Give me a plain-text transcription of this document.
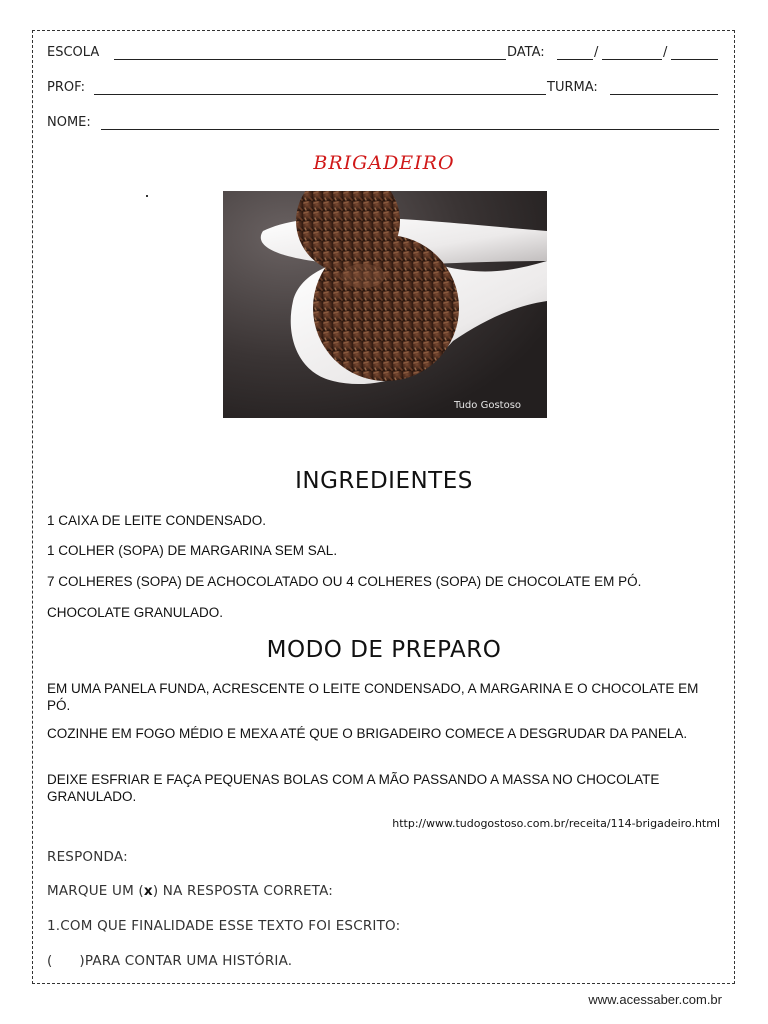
ESCOLA	DATA:	/	/
PROF:	TURMA:
NOME:
BRIGADEIRO
Tudo Gostoso
INGREDIENTES
1 CAIXA DE LEITE CONDENSADO.
1 COLHER (SOPA) DE MARGARINA SEM SAL.
7 COLHERES (SOPA) DE ACHOCOLATADO OU 4 COLHERES (SOPA) DE CHOCOLATE EM PÓ.
CHOCOLATE GRANULADO.
MODO DE PREPARO
EM UMA PANELA FUNDA, ACRESCENTE O LEITE CONDENSADO, A MARGARINA E O CHOCOLATE EM PÓ.
COZINHE EM FOGO MÉDIO E MEXA ATÉ QUE O BRIGADEIRO COMECE A DESGRUDAR DA PANELA.
DEIXE ESFRIAR E FAÇA PEQUENAS BOLAS COM A MÃO PASSANDO A MASSA NO CHOCOLATE GRANULADO.
http://www.tudogostoso.com.br/receita/114-brigadeiro.html
RESPONDA:
MARQUE UM (x) NA RESPOSTA CORRETA:
1.COM QUE FINALIDADE ESSE TEXTO FOI ESCRITO:
(      )PARA CONTAR UMA HISTÓRIA.
www.acessaber.com.br
